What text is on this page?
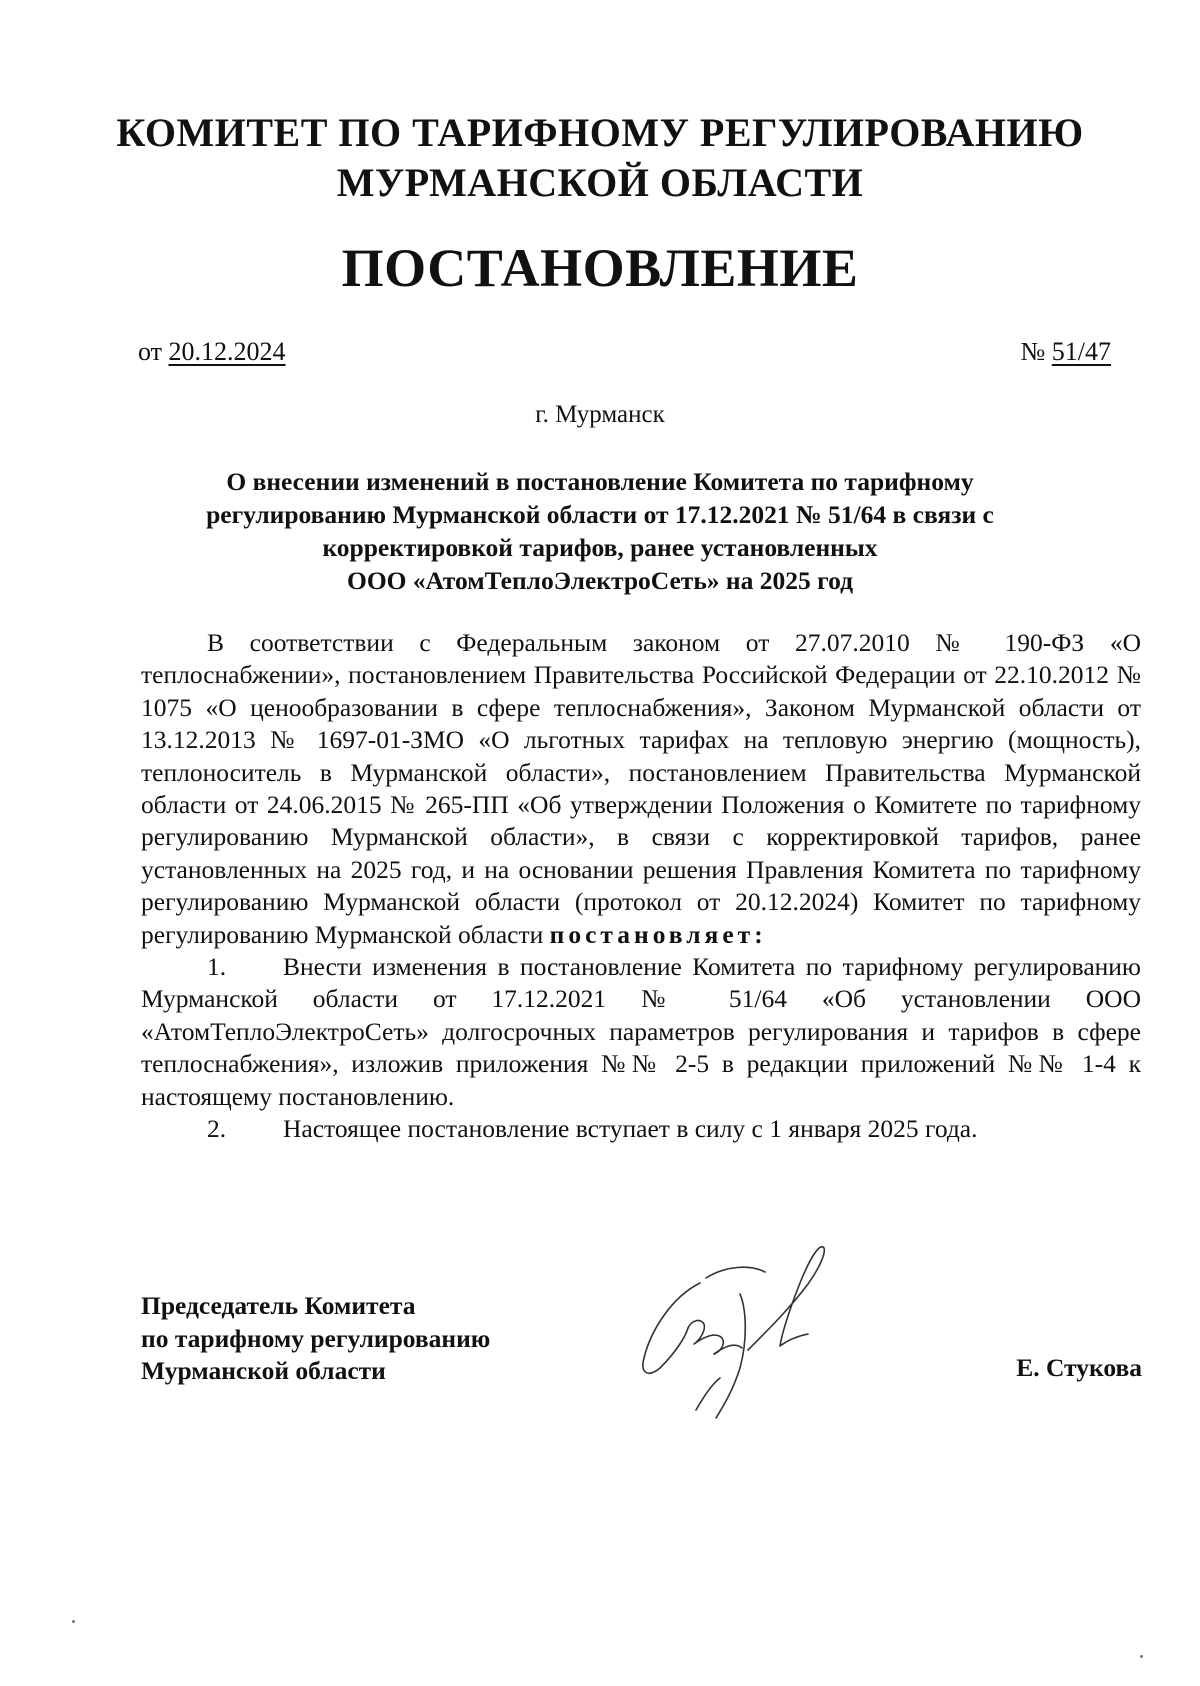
КОМИТЕТ ПО ТАРИФНОМУ РЕГУЛИРОВАНИЮ
МУРМАНСКОЙ ОБЛАСТИ
ПОСТАНОВЛЕНИЕ
от 20.12.2024	№ 51/47
г. Мурманск
О внесении изменений в постановление Комитета по тарифному
регулированию Мурманской области от 17.12.2021 № 51/64 в связи с
корректировкой тарифов, ранее установленных
ООО «АтомТеплоЭлектроСеть» на 2025 год

В соответствии с Федеральным законом от 27.07.2010 № 190-ФЗ «О теплоснабжении», постановлением Правительства Российской Федерации от 22.10.2012 № 1075 «О ценообразовании в сфере теплоснабжения», Законом Мурманской области от 13.12.2013 № 1697-01-ЗМО «О льготных тарифах на тепловую энергию (мощность), теплоноситель в Мурманской области», постановлением Правительства Мурманской области от 24.06.2015 № 265-ПП «Об утверждении Положения о Комитете по тарифному регулированию Мурманской области», в связи с корректировкой тарифов, ранее установленных на 2025 год, и на основании решения Правления Комитета по тарифному регулированию Мурманской области (протокол от 20.12.2024) Комитет по тарифному регулированию Мурманской области постановляет:

1. Внести изменения в постановление Комитета по тарифному регулированию Мурманской области от 17.12.2021 № 51/64 «Об установлении ООО «АтомТеплоЭлектроСеть» долгосрочных параметров регулирования и тарифов в сфере теплоснабжения», изложив приложения №№ 2-5 в редакции приложений №№ 1-4 к настоящему постановлению.

2. Настоящее постановление вступает в силу с 1 января 2025 года.

Председатель Комитета
по тарифному регулированию
Мурманской области	Е. Стукова
